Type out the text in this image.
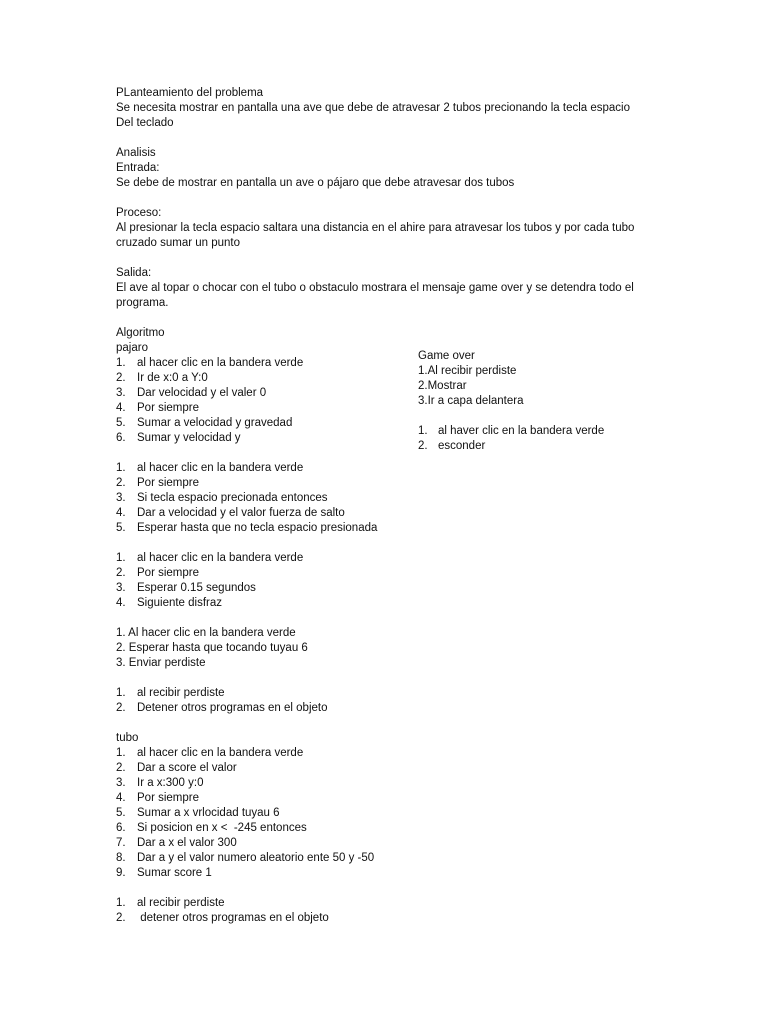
PLanteamiento del problema
Se necesita mostrar en pantalla una ave que debe de atravesar 2 tubos precionando la tecla espacio
Del teclado
Analisis
Entrada:
Se debe de mostrar en pantalla un ave o pájaro que debe atravesar dos tubos
Proceso:
Al presionar la tecla espacio saltara una distancia en el ahire para atravesar los tubos y por cada tubo
cruzado sumar un punto
Salida:
El ave al topar o chocar con el tubo o obstaculo mostrara el mensaje game over y se detendra todo el
programa.
Algoritmo
pajaro
1. al hacer clic en la bandera verde
2. Ir de x:0 a Y:0
3. Dar velocidad y el valer 0
4. Por siempre
5. Sumar a velocidad y gravedad
6. Sumar y velocidad y
1. al hacer clic en la bandera verde
2. Por siempre
3. Si tecla espacio precionada entonces
4. Dar a velocidad y el valor fuerza de salto
5. Esperar hasta que no tecla espacio presionada
1. al hacer clic en la bandera verde
2. Por siempre
3. Esperar 0.15 segundos
4. Siguiente disfraz
1. Al hacer clic en la bandera verde
2. Esperar hasta que tocando tuyau 6
3. Enviar perdiste
1. al recibir perdiste
2. Detener otros programas en el objeto
tubo
1. al hacer clic en la bandera verde
2. Dar a score el valor
3. Ir a x:300 y:0
4. Por siempre
5. Sumar a x vrlocidad tuyau 6
6. Si posicion en x <  -245 entonces
7. Dar a x el valor 300
8. Dar a y el valor numero aleatorio ente 50 y -50
9. Sumar score 1
1. al recibir perdiste
2. detener otros programas en el objeto
Game over
1.Al recibir perdiste
2.Mostrar
3.Ir a capa delantera
1. al haver clic en la bandera verde
2. esconder
